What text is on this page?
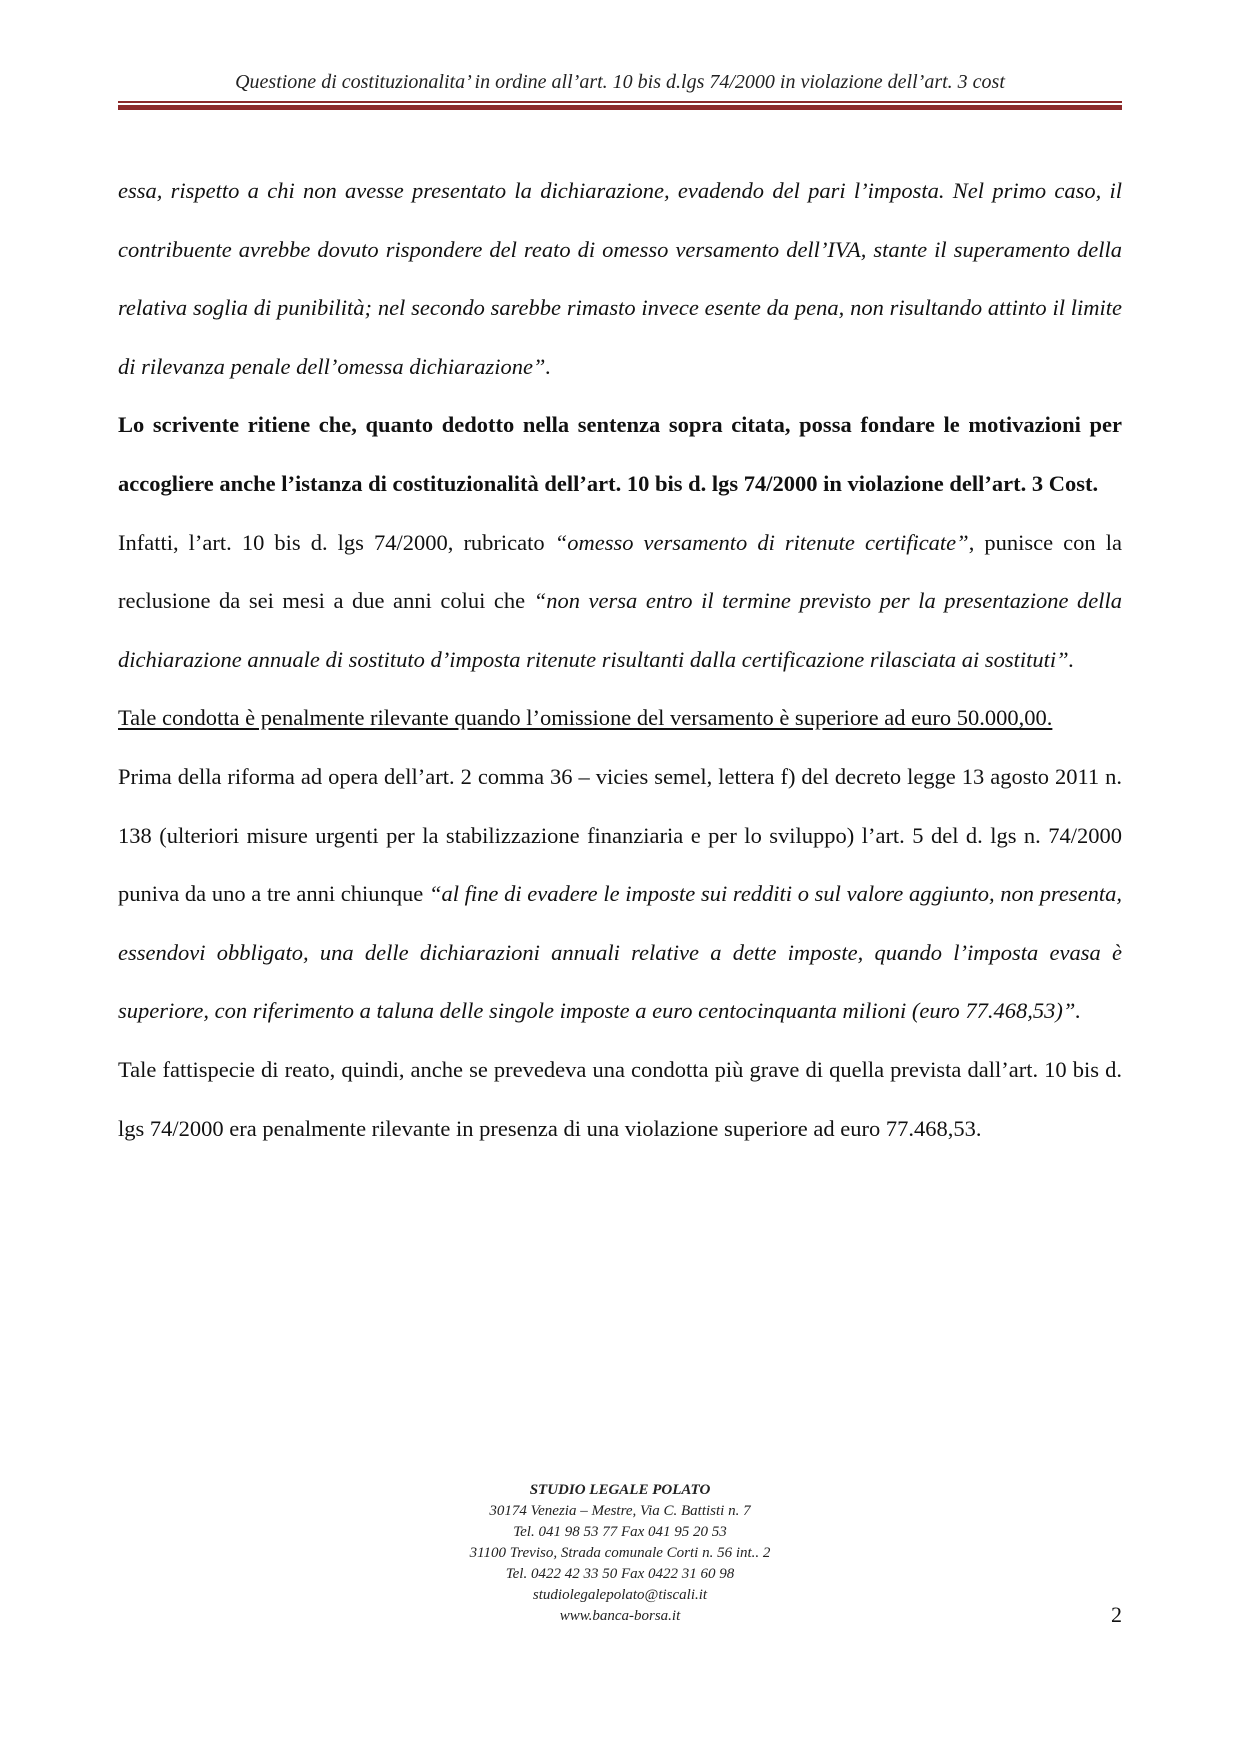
Questione di costituzionalita’ in ordine all’art. 10 bis d.lgs 74/2000 in violazione dell’art. 3 cost

essa, rispetto a chi non avesse presentato la dichiarazione, evadendo del pari l’imposta. Nel primo caso, il contribuente avrebbe dovuto rispondere del reato di omesso versamento dell’IVA, stante il superamento della relativa soglia di punibilità; nel secondo sarebbe rimasto invece esente da pena, non risultando attinto il limite di rilevanza penale dell’omessa dichiarazione”.

Lo scrivente ritiene che, quanto dedotto nella sentenza sopra citata, possa fondare le motivazioni per accogliere anche l’istanza di costituzionalità dell’art. 10 bis d. lgs 74/2000 in violazione dell’art. 3 Cost.

Infatti, l’art. 10 bis d. lgs 74/2000, rubricato “omesso versamento di ritenute certificate”, punisce con la reclusione da sei mesi a due anni colui che “non versa entro il termine previsto per la presentazione della dichiarazione annuale di sostituto d’imposta ritenute risultanti dalla certificazione rilasciata ai sostituti”.

Tale condotta è penalmente rilevante quando l’omissione del versamento è superiore ad euro 50.000,00.

Prima della riforma ad opera dell’art. 2 comma 36 – vicies semel, lettera f) del decreto legge 13 agosto 2011 n. 138 (ulteriori misure urgenti per la stabilizzazione finanziaria e per lo sviluppo) l’art. 5 del d. lgs n. 74/2000 puniva da uno a tre anni chiunque “al fine di evadere le imposte sui redditi o sul valore aggiunto, non presenta, essendovi obbligato, una delle dichiarazioni annuali relative a dette imposte, quando l’imposta evasa è superiore, con riferimento a taluna delle singole imposte a euro centocinquanta milioni (euro 77.468,53)”.

Tale fattispecie di reato, quindi, anche se prevedeva una condotta più grave di quella prevista dall’art. 10 bis d. lgs 74/2000 era penalmente rilevante in presenza di una violazione superiore ad euro 77.468,53.

STUDIO LEGALE POLATO
30174 Venezia – Mestre, Via C. Battisti n. 7
Tel. 041 98 53 77 Fax 041 95 20 53
31100 Treviso, Strada comunale Corti n. 56 int.. 2
Tel. 0422 42 33 50 Fax 0422 31 60 98
studiolegalepolato@tiscali.it
www.banca-borsa.it	2
